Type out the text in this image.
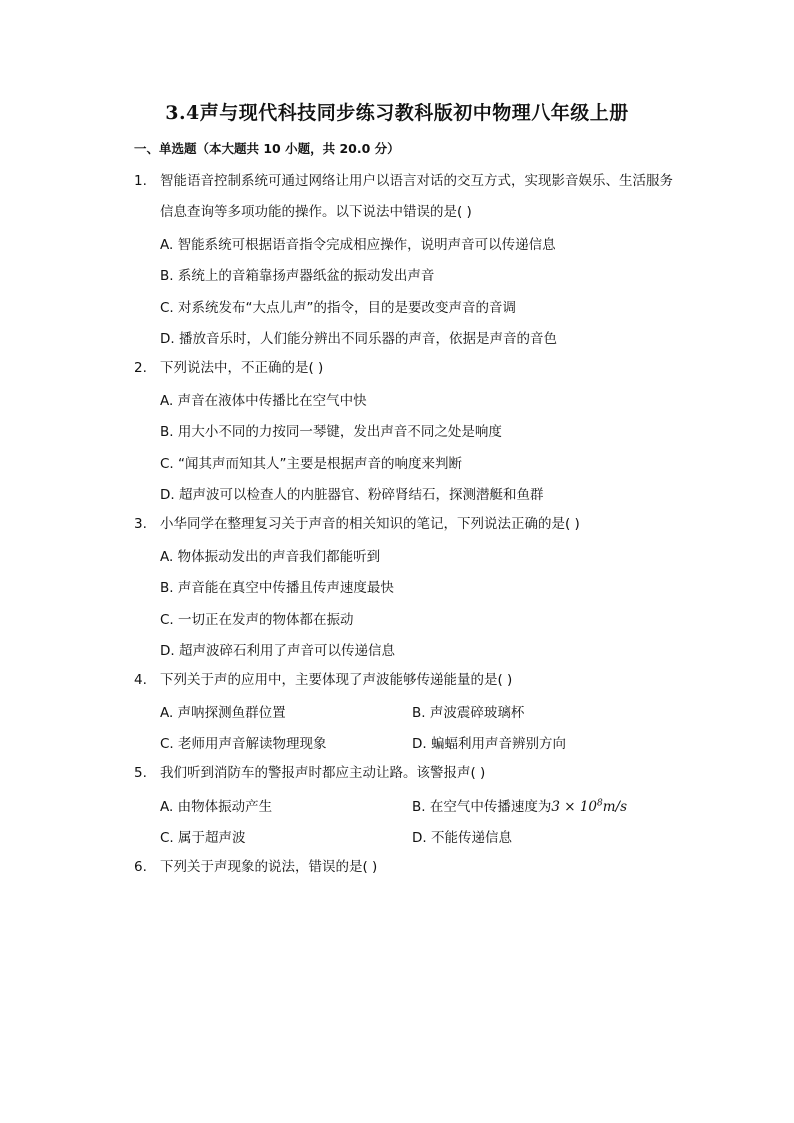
3.4声与现代科技同步练习教科版初中物理八年级上册
一、单选题（本大题共 10 小题，共 20.0 分）
1. 智能语音控制系统可通过网络让用户以语言对话的交互方式，实现影音娱乐、生活服务信息查询等多项功能的操作。以下说法中错误的是( )
A. 智能系统可根据语音指令完成相应操作，说明声音可以传递信息
B. 系统上的音箱靠扬声器纸盆的振动发出声音
C. 对系统发布“大点儿声”的指令，目的是要改变声音的音调
D. 播放音乐时，人们能分辨出不同乐器的声音，依据是声音的音色
2. 下列说法中，不正确的是( )
A. 声音在液体中传播比在空气中快
B. 用大小不同的力按同一琴键，发出声音不同之处是响度
C. “闻其声而知其人”主要是根据声音的响度来判断
D. 超声波可以检查人的内脏器官、粉碎肾结石，探测潜艇和鱼群
3. 小华同学在整理复习关于声音的相关知识的笔记，下列说法正确的是( )
A. 物体振动发出的声音我们都能听到
B. 声音能在真空中传播且传声速度最快
C. 一切正在发声的物体都在振动
D. 超声波碎石利用了声音可以传递信息
4. 下列关于声的应用中，主要体现了声波能够传递能量的是( )
A. 声呐探测鱼群位置	B. 声波震碎玻璃杯
C. 老师用声音解读物理现象	D. 蝙蝠利用声音辨别方向
5. 我们听到消防车的警报声时都应主动让路。该警报声( )
A. 由物体振动产生	B. 在空气中传播速度为$3 \times 10^8m/s$
C. 属于超声波	D. 不能传递信息
6. 下列关于声现象的说法，错误的是( )
